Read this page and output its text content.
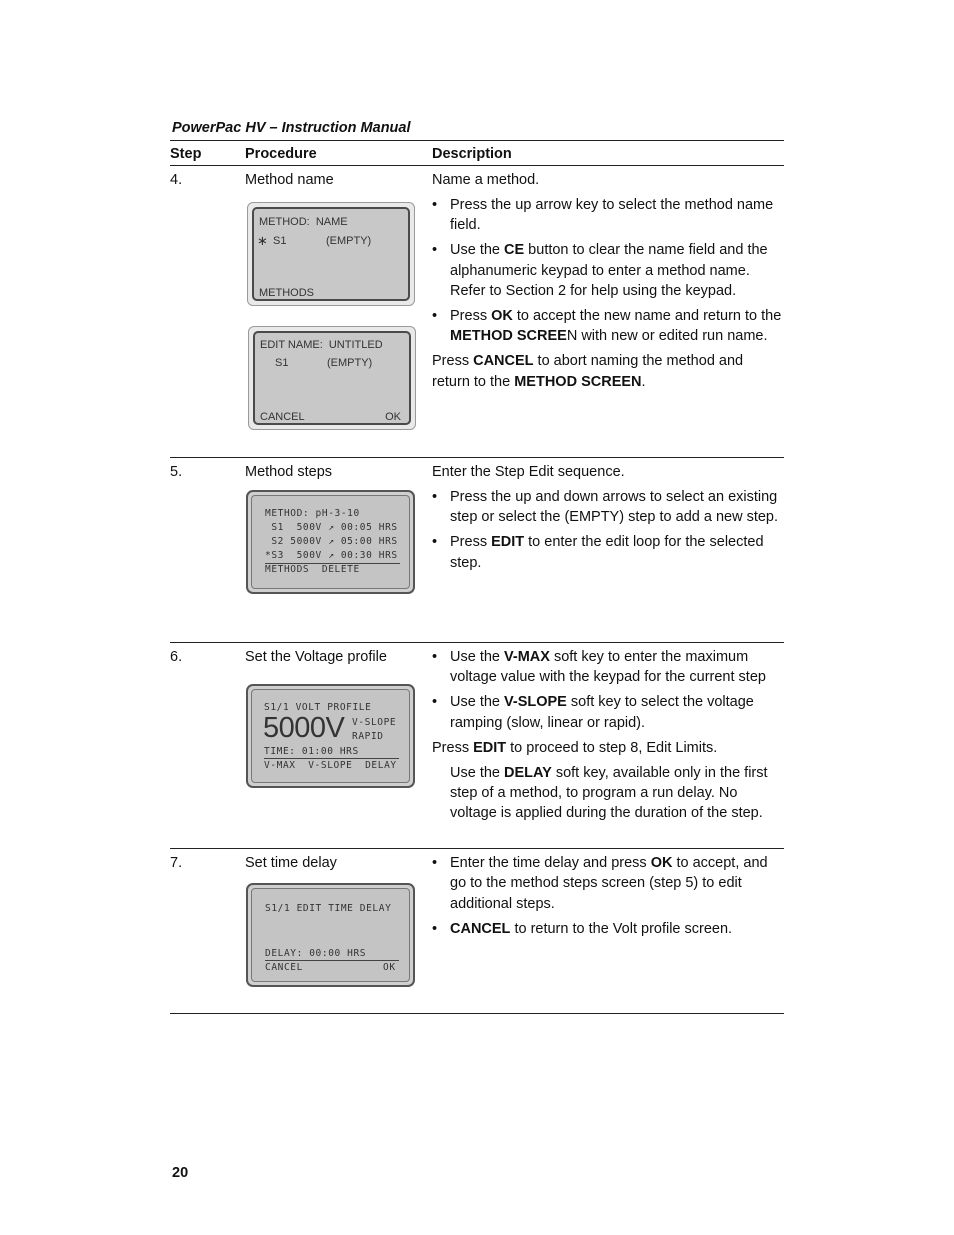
PowerPac HV – Instruction Manual
Step	Procedure	Description
4.	Method name
METHOD:  NAME
∗ S1	(EMPTY)
METHODS
EDIT NAME:  UNTITLED
S1	(EMPTY)
CANCEL	OK

Name a method.

• Press the up arrow key to select the method name field.
• Use the CE button to clear the name field and the alphanumeric keypad to enter a method name. Refer to Section 2 for help using the keypad.
• Press OK to accept the new name and return to the METHOD SCREEN with new or edited run name.

Press CANCEL to abort naming the method and return to the METHOD SCREEN.

5.	Method steps
METHOD: pH-3-10
S1  500V ↗ 00:05 HRS
S2 5000V ↗ 05:00 HRS
*S3  500V ↗ 00:30 HRS
METHODS  DELETE

Enter the Step Edit sequence.

• Press the up and down arrows to select an existing step or select the (EMPTY) step to add a new step.
• Press EDIT to enter the edit loop for the selected step.
6.	Set the Voltage profile
S1/1 VOLT PROFILE
5000V V-SLOPE
RAPID
TIME: 01:00 HRS
V-MAX  V-SLOPE  DELAY
• Use the V-MAX soft key to enter the maximum voltage value with the keypad for the current step
• Use the V-SLOPE soft key to select the voltage ramping (slow, linear or rapid).

Press EDIT to proceed to step 8, Edit Limits.

Use the DELAY soft key, available only in the first step of a method, to program a run delay. No voltage is applied during the duration of the step.

7.	Set time delay
S1/1 EDIT TIME DELAY
DELAY: 00:00 HRS
CANCEL	OK
• Enter the time delay and press OK to accept, and go to the method steps screen (step 5) to edit additional steps.
• CANCEL to return to the Volt profile screen.
20
